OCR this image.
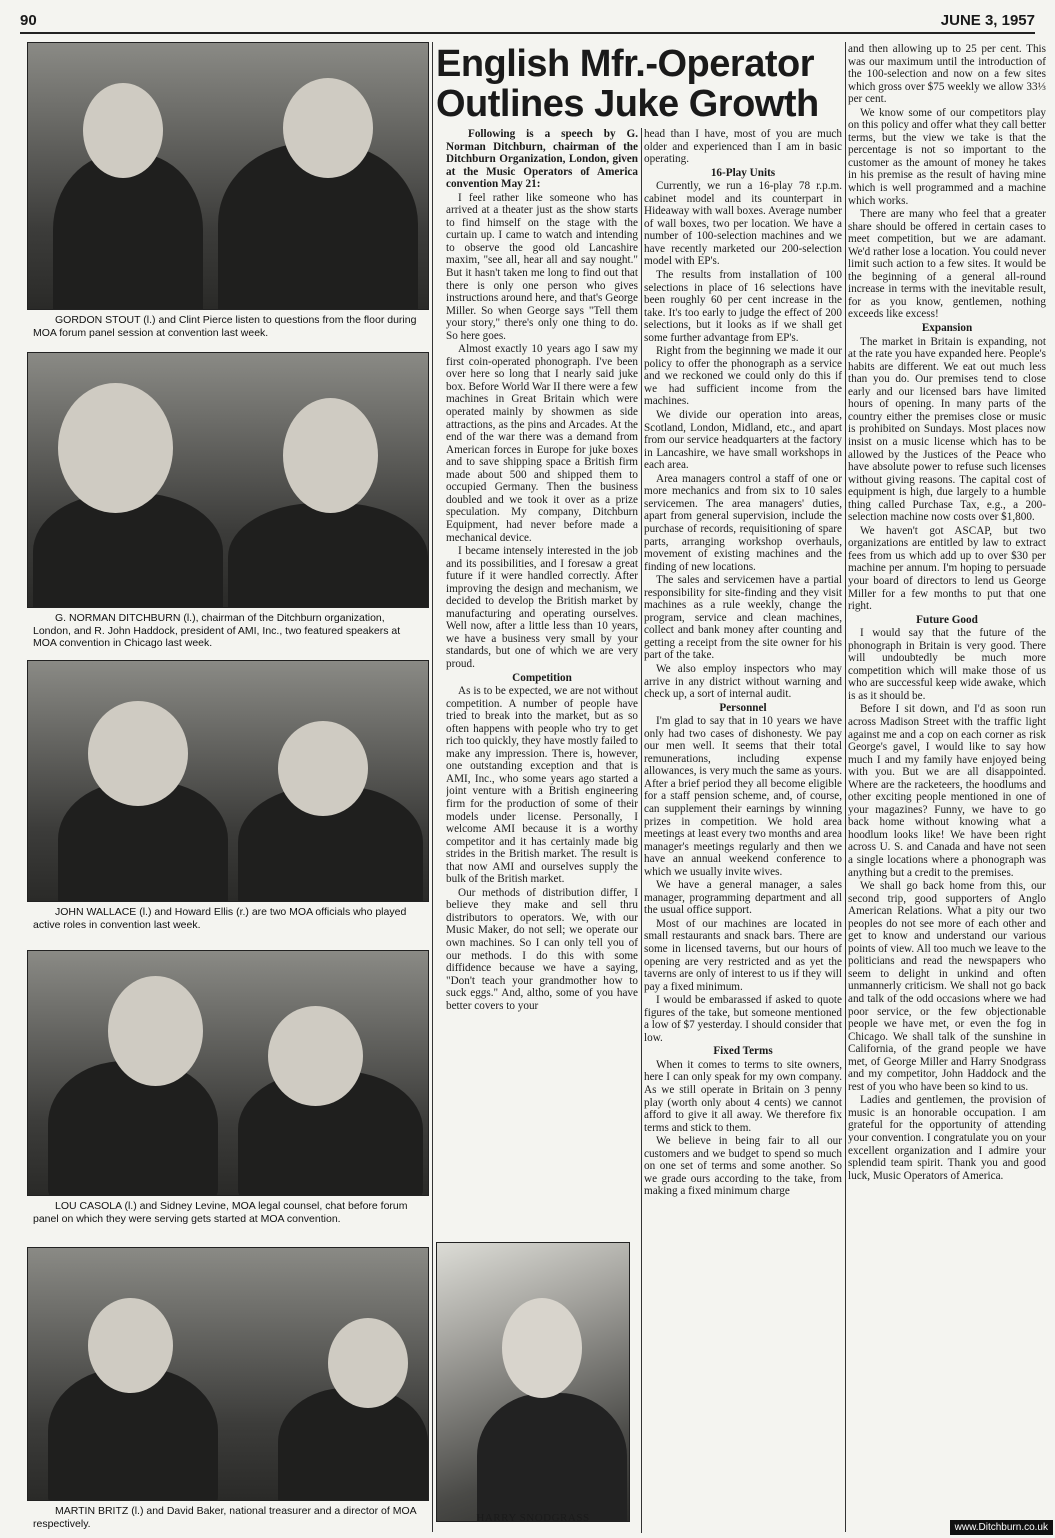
90	JUNE 3, 1957
GORDON STOUT (l.) and Clint Pierce listen to questions from the floor during MOA forum panel session at convention last week.
G. NORMAN DITCHBURN (l.), chairman of the Ditchburn organization, London, and R. John Haddock, president of AMI, Inc., two featured speakers at MOA convention in Chicago last week.
JOHN WALLACE (l.) and Howard Ellis (r.) are two MOA officials who played active roles in convention last week.
LOU CASOLA (l.) and Sidney Levine, MOA legal counsel, chat before forum panel on which they were serving gets started at MOA convention.
MARTIN BRITZ (l.) and David Baker, national treasurer and a director of MOA respectively.
English Mfr.-Operator
Outlines Juke Growth

Following is a speech by G. Norman Ditchburn, chairman of the Ditchburn Organization, London, given at the Music Operators of America convention May 21:

I feel rather like someone who has arrived at a theater just as the show starts to find himself on the stage with the curtain up. I came to watch and intending to observe the good old Lancashire maxim, "see all, hear all and say nought." But it hasn't taken me long to find out that there is only one person who gives instructions around here, and that's George Miller. So when George says "Tell them your story," there's only one thing to do. So here goes.

Almost exactly 10 years ago I saw my first coin-operated phonograph. I've been over here so long that I nearly said juke box. Before World War II there were a few machines in Great Britain which were operated mainly by showmen as side attractions, as the pins and Arcades. At the end of the war there was a demand from American forces in Europe for juke boxes and to save shipping space a British firm made about 500 and shipped them to occupied Germany. Then the business doubled and we took it over as a prize speculation. My company, Ditchburn Equipment, had never before made a mechanical device.

I became intensely interested in the job and its possibilities, and I foresaw a great future if it were handled correctly. After improving the design and mechanism, we decided to develop the British market by manufacturing and operating ourselves. Well now, after a little less than 10 years, we have a business very small by your standards, but one of which we are very proud.

Competition

As is to be expected, we are not without competition. A number of people have tried to break into the market, but as so often happens with people who try to get rich too quickly, they have mostly failed to make any impression. There is, however, one outstanding exception and that is AMI, Inc., who some years ago started a joint venture with a British engineering firm for the production of some of their models under license. Personally, I welcome AMI because it is a worthy competitor and it has certainly made big strides in the British market. The result is that now AMI and ourselves supply the bulk of the British market.

Our methods of distribution differ, I believe they make and sell thru distributors to operators. We, with our Music Maker, do not sell; we operate our own machines. So I can only tell you of our methods. I do this with some diffidence because we have a saying, "Don't teach your grandmother how to suck eggs." And, altho, some of you have better covers to your

head than I have, most of you are much older and experienced than I am in basic operating.

16-Play Units

Currently, we run a 16-play 78 r.p.m. cabinet model and its counterpart in Hideaway with wall boxes. Average number of wall boxes, two per location. We have a number of 100-selection machines and we have recently marketed our 200-selection model with EP's.

The results from installation of 100 selections in place of 16 selections have been roughly 60 per cent increase in the take. It's too early to judge the effect of 200 selections, but it looks as if we shall get some further advantage from EP's.

Right from the beginning we made it our policy to offer the phonograph as a service and we reckoned we could only do this if we had sufficient income from the machines.

We divide our operation into areas, Scotland, London, Midland, etc., and apart from our service headquarters at the factory in Lancashire, we have small workshops in each area.

Area managers control a staff of one or more mechanics and from six to 10 sales servicemen. The area managers' duties, apart from general supervision, include the purchase of records, requisitioning of spare parts, arranging workshop overhauls, movement of existing machines and the finding of new locations.

The sales and servicemen have a partial responsibility for site-finding and they visit machines as a rule weekly, change the program, service and clean machines, collect and bank money after counting and getting a receipt from the site owner for his part of the take.

We also employ inspectors who may arrive in any district without warning and check up, a sort of internal audit.

Personnel

I'm glad to say that in 10 years we have only had two cases of dishonesty. We pay our men well. It seems that their total remunerations, including expense allowances, is very much the same as yours. After a brief period they all become eligible for a staff pension scheme, and, of course, can supplement their earnings by winning prizes in competition. We hold area meetings at least every two months and area manager's meetings regularly and then we have an annual weekend conference to which we usually invite wives.

We have a general manager, a sales manager, programming department and all the usual office support.

Most of our machines are located in small restaurants and snack bars. There are some in licensed taverns, but our hours of opening are very restricted and as yet the taverns are only of interest to us if they will pay a fixed minimum.

I would be embarassed if asked to quote figures of the take, but someone mentioned a low of $7 yesterday. I should consider that low.

Fixed Terms

When it comes to terms to site owners, here I can only speak for my own company. As we still operate in Britain on 3 penny play (worth only about 4 cents) we cannot afford to give it all away. We therefore fix terms and stick to them.

We believe in being fair to all our customers and we budget to spend so much on one set of terms and some another. So we grade ours according to the take, from making a fixed minimum charge

and then allowing up to 25 per cent. This was our maximum until the introduction of the 100-selection and now on a few sites which gross over $75 weekly we allow 33⅓ per cent.

We know some of our competitors play on this policy and offer what they call better terms, but the view we take is that the percentage is not so important to the customer as the amount of money he takes in his premise as the result of having mine which is well programmed and a machine which works.

There are many who feel that a greater share should be offered in certain cases to meet competition, but we are adamant. We'd rather lose a location. You could never limit such action to a few sites. It would be the beginning of a general all-round increase in terms with the inevitable result, for as you know, gentlemen, nothing exceeds like excess!

Expansion

The market in Britain is expanding, not at the rate you have expanded here. People's habits are different. We eat out much less than you do. Our premises tend to close early and our licensed bars have limited hours of opening. In many parts of the country either the premises close or music is prohibited on Sundays. Most places now insist on a music license which has to be allowed by the Justices of the Peace who have absolute power to refuse such licenses without giving reasons. The capital cost of equipment is high, due largely to a humble thing called Purchase Tax, e.g., a 200-selection machine now costs over $1,800.

We haven't got ASCAP, but two organizations are entitled by law to extract fees from us which add up to over $30 per machine per annum. I'm hoping to persuade your board of directors to lend us George Miller for a few months to put that one right.

Future Good

I would say that the future of the phonograph in Britain is very good. There will undoubtedly be much more competition which will make those of us who are successful keep wide awake, which is as it should be.

Before I sit down, and I'd as soon run across Madison Street with the traffic light against me and a cop on each corner as risk George's gavel, I would like to say how much I and my family have enjoyed being with you. But we are all disappointed. Where are the racketeers, the hoodlums and other exciting people mentioned in one of your magazines? Funny, we have to go back home without knowing what a hoodlum looks like! We have been right across U. S. and Canada and have not seen a single locations where a phonograph was anything but a credit to the premises.

We shall go back home from this, our second trip, good supporters of Anglo American Relations. What a pity our two peoples do not see more of each other and get to know and understand our various points of view. All too much we leave to the politicians and read the newspapers who seem to delight in unkind and often unmannerly criticism. We shall not go back and talk of the odd occasions where we had poor service, or the few objectionable people we have met, or even the fog in Chicago. We shall talk of the sunshine in California, of the grand people we have met, of George Miller and Harry Snodgrass and my competitor, John Haddock and the rest of you who have been so kind to us.

Ladies and gentlemen, the provision of music is an honorable occupation. I am grateful for the opportunity of attending your convention. I congratulate you on your excellent organization and I admire your splendid team spirit. Thank you and good luck, Music Operators of America.

HARRY SNODGRASS
www.Ditchburn.co.uk
